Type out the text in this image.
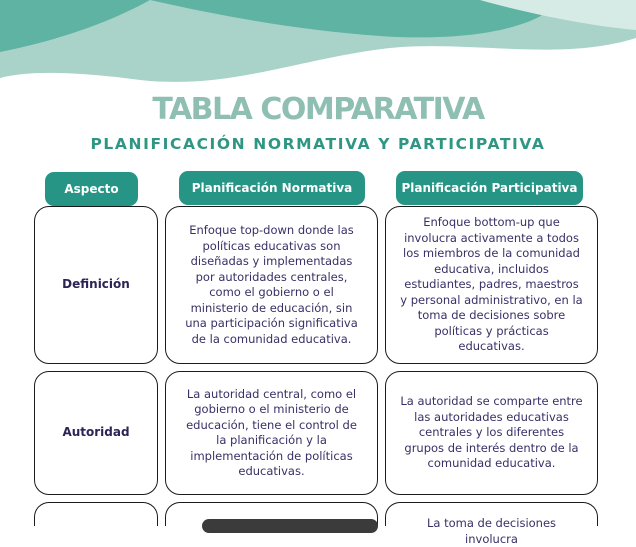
TABLA COMPARATIVA
PLANIFICACIÓN NORMATIVA Y PARTICIPATIVA
Aspecto	Planificación Normativa	Planificación Participativa
Definición
Enfoque top-down donde las políticas educativas son diseñadas y implementadas por autoridades centrales, como el gobierno o el ministerio de educación, sin una participación significativa de la comunidad educativa.
Enfoque bottom-up que involucra activamente a todos los miembros de la comunidad educativa, incluidos estudiantes, padres, maestros y personal administrativo, en la toma de decisiones sobre políticas y prácticas educativas.
Autoridad
La autoridad central, como el gobierno o el ministerio de educación, tiene el control de la planificación y la implementación de políticas educativas.
La autoridad se comparte entre las autoridades educativas centrales y los diferentes grupos de interés dentro de la comunidad educativa.
La toma de decisiones involucra
